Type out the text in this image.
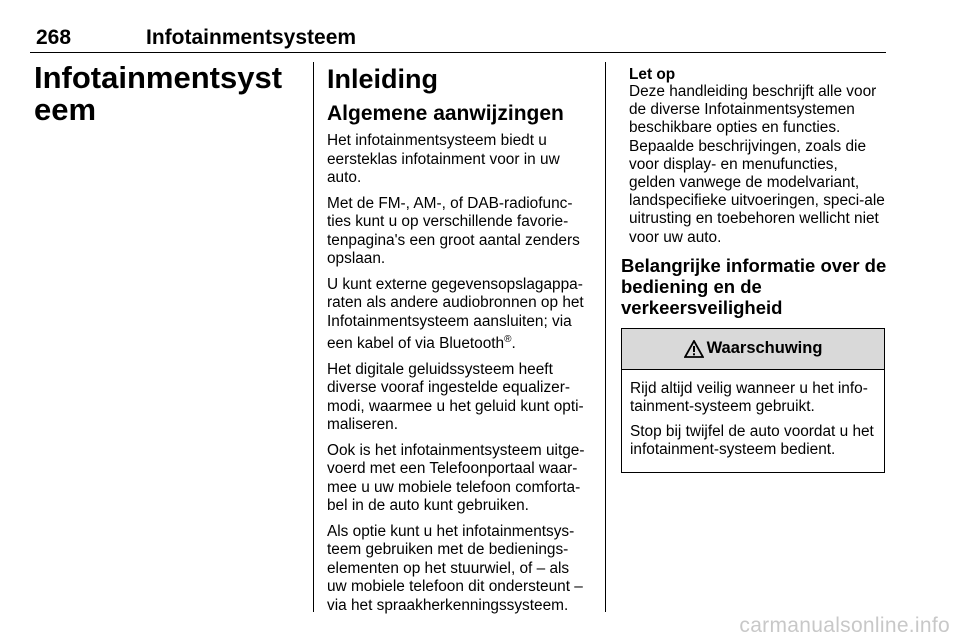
268	Infotainmentsysteem
Infotainmentsysteem
Inleiding
Algemene aanwijzingen

Het infotainmentsysteem biedt u eersteklas infotainment voor in uw auto.

Met de FM-, AM-, of DAB-radiofunc-ties kunt u op verschillende favorie-tenpagina's een groot aantal zenders opslaan.

U kunt externe gegevensopslagappa-raten als andere audiobronnen op het Infotainmentsysteem aansluiten; via een kabel of via Bluetooth®.

Het digitale geluidssysteem heeft diverse vooraf ingestelde equalizer-modi, waarmee u het geluid kunt opti-maliseren.

Ook is het infotainmentsysteem uitge-voerd met een Telefoonportaal waar-mee u uw mobiele telefoon comforta-bel in de auto kunt gebruiken.

Als optie kunt u het infotainmentsys-teem gebruiken met de bedienings-elementen op het stuurwiel, of – als uw mobiele telefoon dit ondersteunt – via het spraakherkenningssysteem.

Let op
Deze handleiding beschrijft alle voor de diverse Infotainmentsystemen beschikbare opties en functies. Bepaalde beschrijvingen, zoals die voor display- en menufuncties, gelden vanwege de modelvariant, landspecifieke uitvoeringen, speci-ale uitrusting en toebehoren wellicht niet voor uw auto.
Belangrijke informatie over de bediening en de verkeersveiligheid
Waarschuwing

Rijd altijd veilig wanneer u het info-tainment-systeem gebruikt.

Stop bij twijfel de auto voordat u het infotainment-systeem bedient.

carmanualsonline.info
